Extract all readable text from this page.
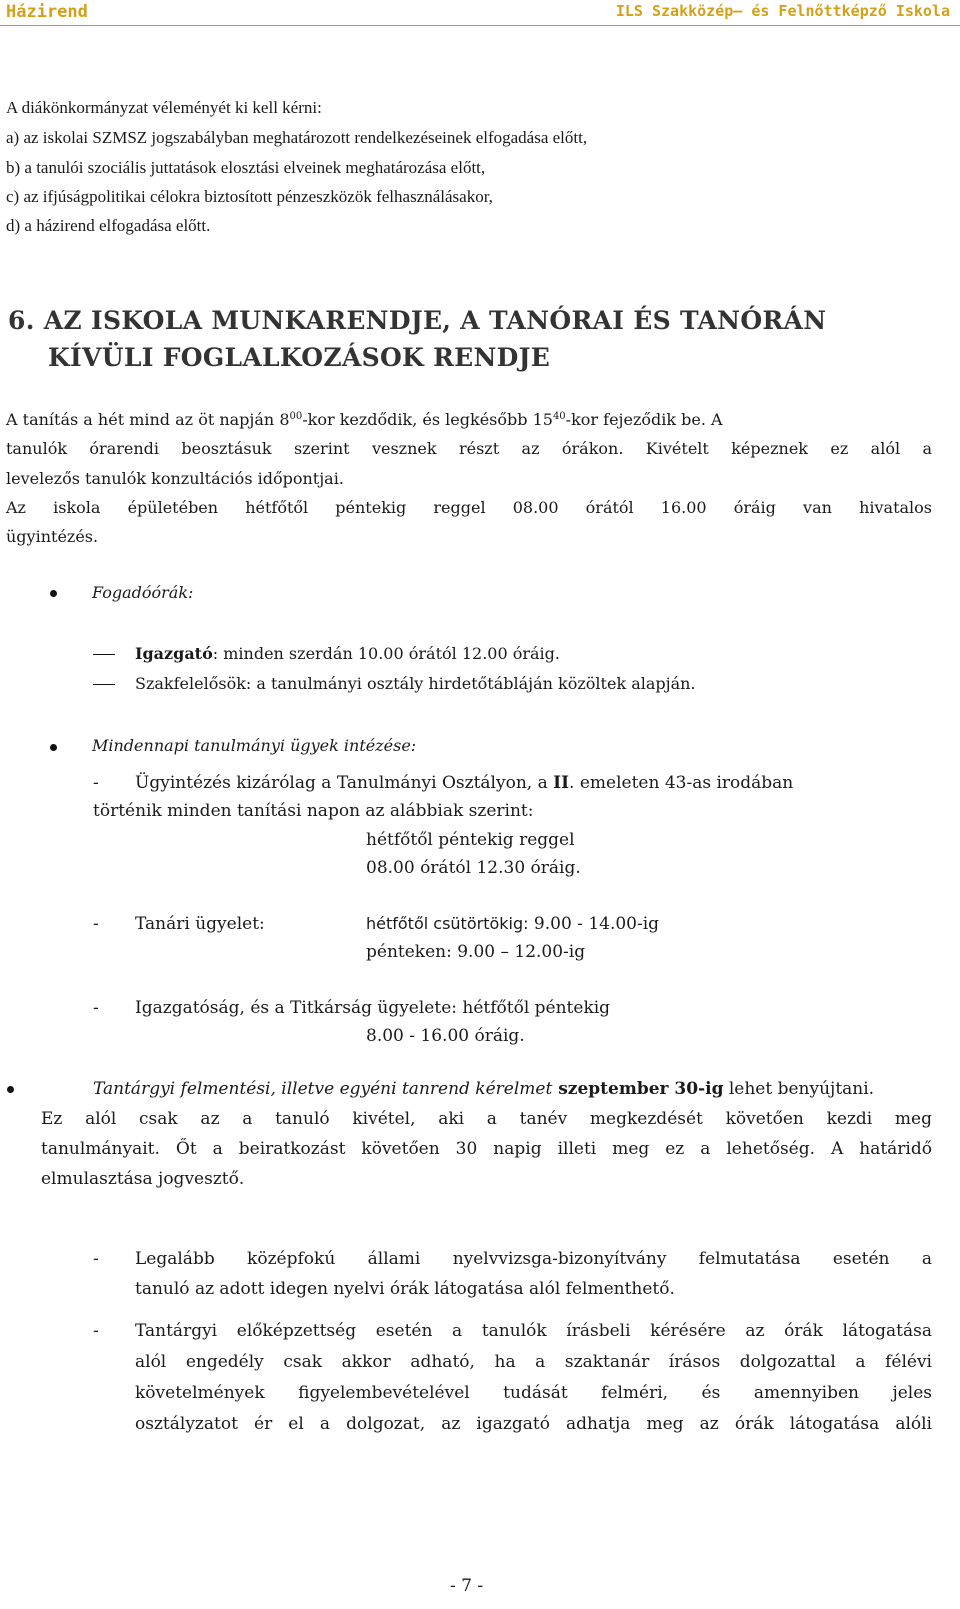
Házirend	ILS Szakközép– és Felnőttképző Iskola
A diákönkormányzat véleményét ki kell kérni:
a) az iskolai SZMSZ jogszabályban meghatározott rendelkezéseinek elfogadása előtt,
b) a tanulói szociális juttatások elosztási elveinek meghatározása előtt,
c) az ifjúságpolitikai célokra biztosított pénzeszközök felhasználásakor,
d) a házirend elfogadása előtt.
6. AZ ISKOLA MUNKARENDJE, A TANÓRAI ÉS TANÓRÁN
KÍVÜLI FOGLALKOZÁSOK RENDJE
A tanítás a hét mind az öt napján $8^{00}$-kor kezdődik, és legkésőbb $15^{40}$-kor fejeződik be. A
tanulók órarendi beosztásuk szerint vesznek részt az órákon. Kivételt képeznek ez alól a
levelezős tanulók konzultációs időpontjai.
Az iskola épületében hétfőtől péntekig reggel 08.00 órától 16.00 óráig van hivatalos
ügyintézés.
Fogadóórák:
Igazgató: minden szerdán 10.00 órától 12.00 óráig.
Szakfelelősök: a tanulmányi osztály hirdetőtábláján közöltek alapján.
Mindennapi tanulmányi ügyek intézése:
- Ügyintézés kizárólag a Tanulmányi Osztályon, a II. emeleten 43-as irodában
történik minden tanítási napon az alábbiak szerint:
hétfőtől péntekig reggel
08.00 órától 12.30 óráig.
- Tanári ügyelet:	hétfőtől csütörtökig: 9.00 - 14.00-ig
pénteken: 9.00 – 12.00-ig
- Igazgatóság, és a Titkárság ügyelete: hétfőtől péntekig
8.00 - 16.00 óráig.
Tantárgyi felmentési, illetve egyéni tanrend kérelmet szeptember 30-ig lehet benyújtani.
Ez alól csak az a tanuló kivétel, aki a tanév megkezdését követően kezdi meg
tanulmányait. Őt a beiratkozást követően 30 napig illeti meg ez a lehetőség. A határidő
elmulasztása jogvesztő.
- Legalább középfokú állami nyelvvizsga-bizonyítvány felmutatása esetén a
tanuló az adott idegen nyelvi órák látogatása alól felmenthető.
- Tantárgyi előképzettség esetén a tanulók írásbeli kérésére az órák látogatása
alól engedély csak akkor adható, ha a szaktanár írásos dolgozattal a félévi
követelmények figyelembevételével tudását felméri, és amennyiben jeles
osztályzatot ér el a dolgozat, az igazgató adhatja meg az órák látogatása alóli
- 7 -
